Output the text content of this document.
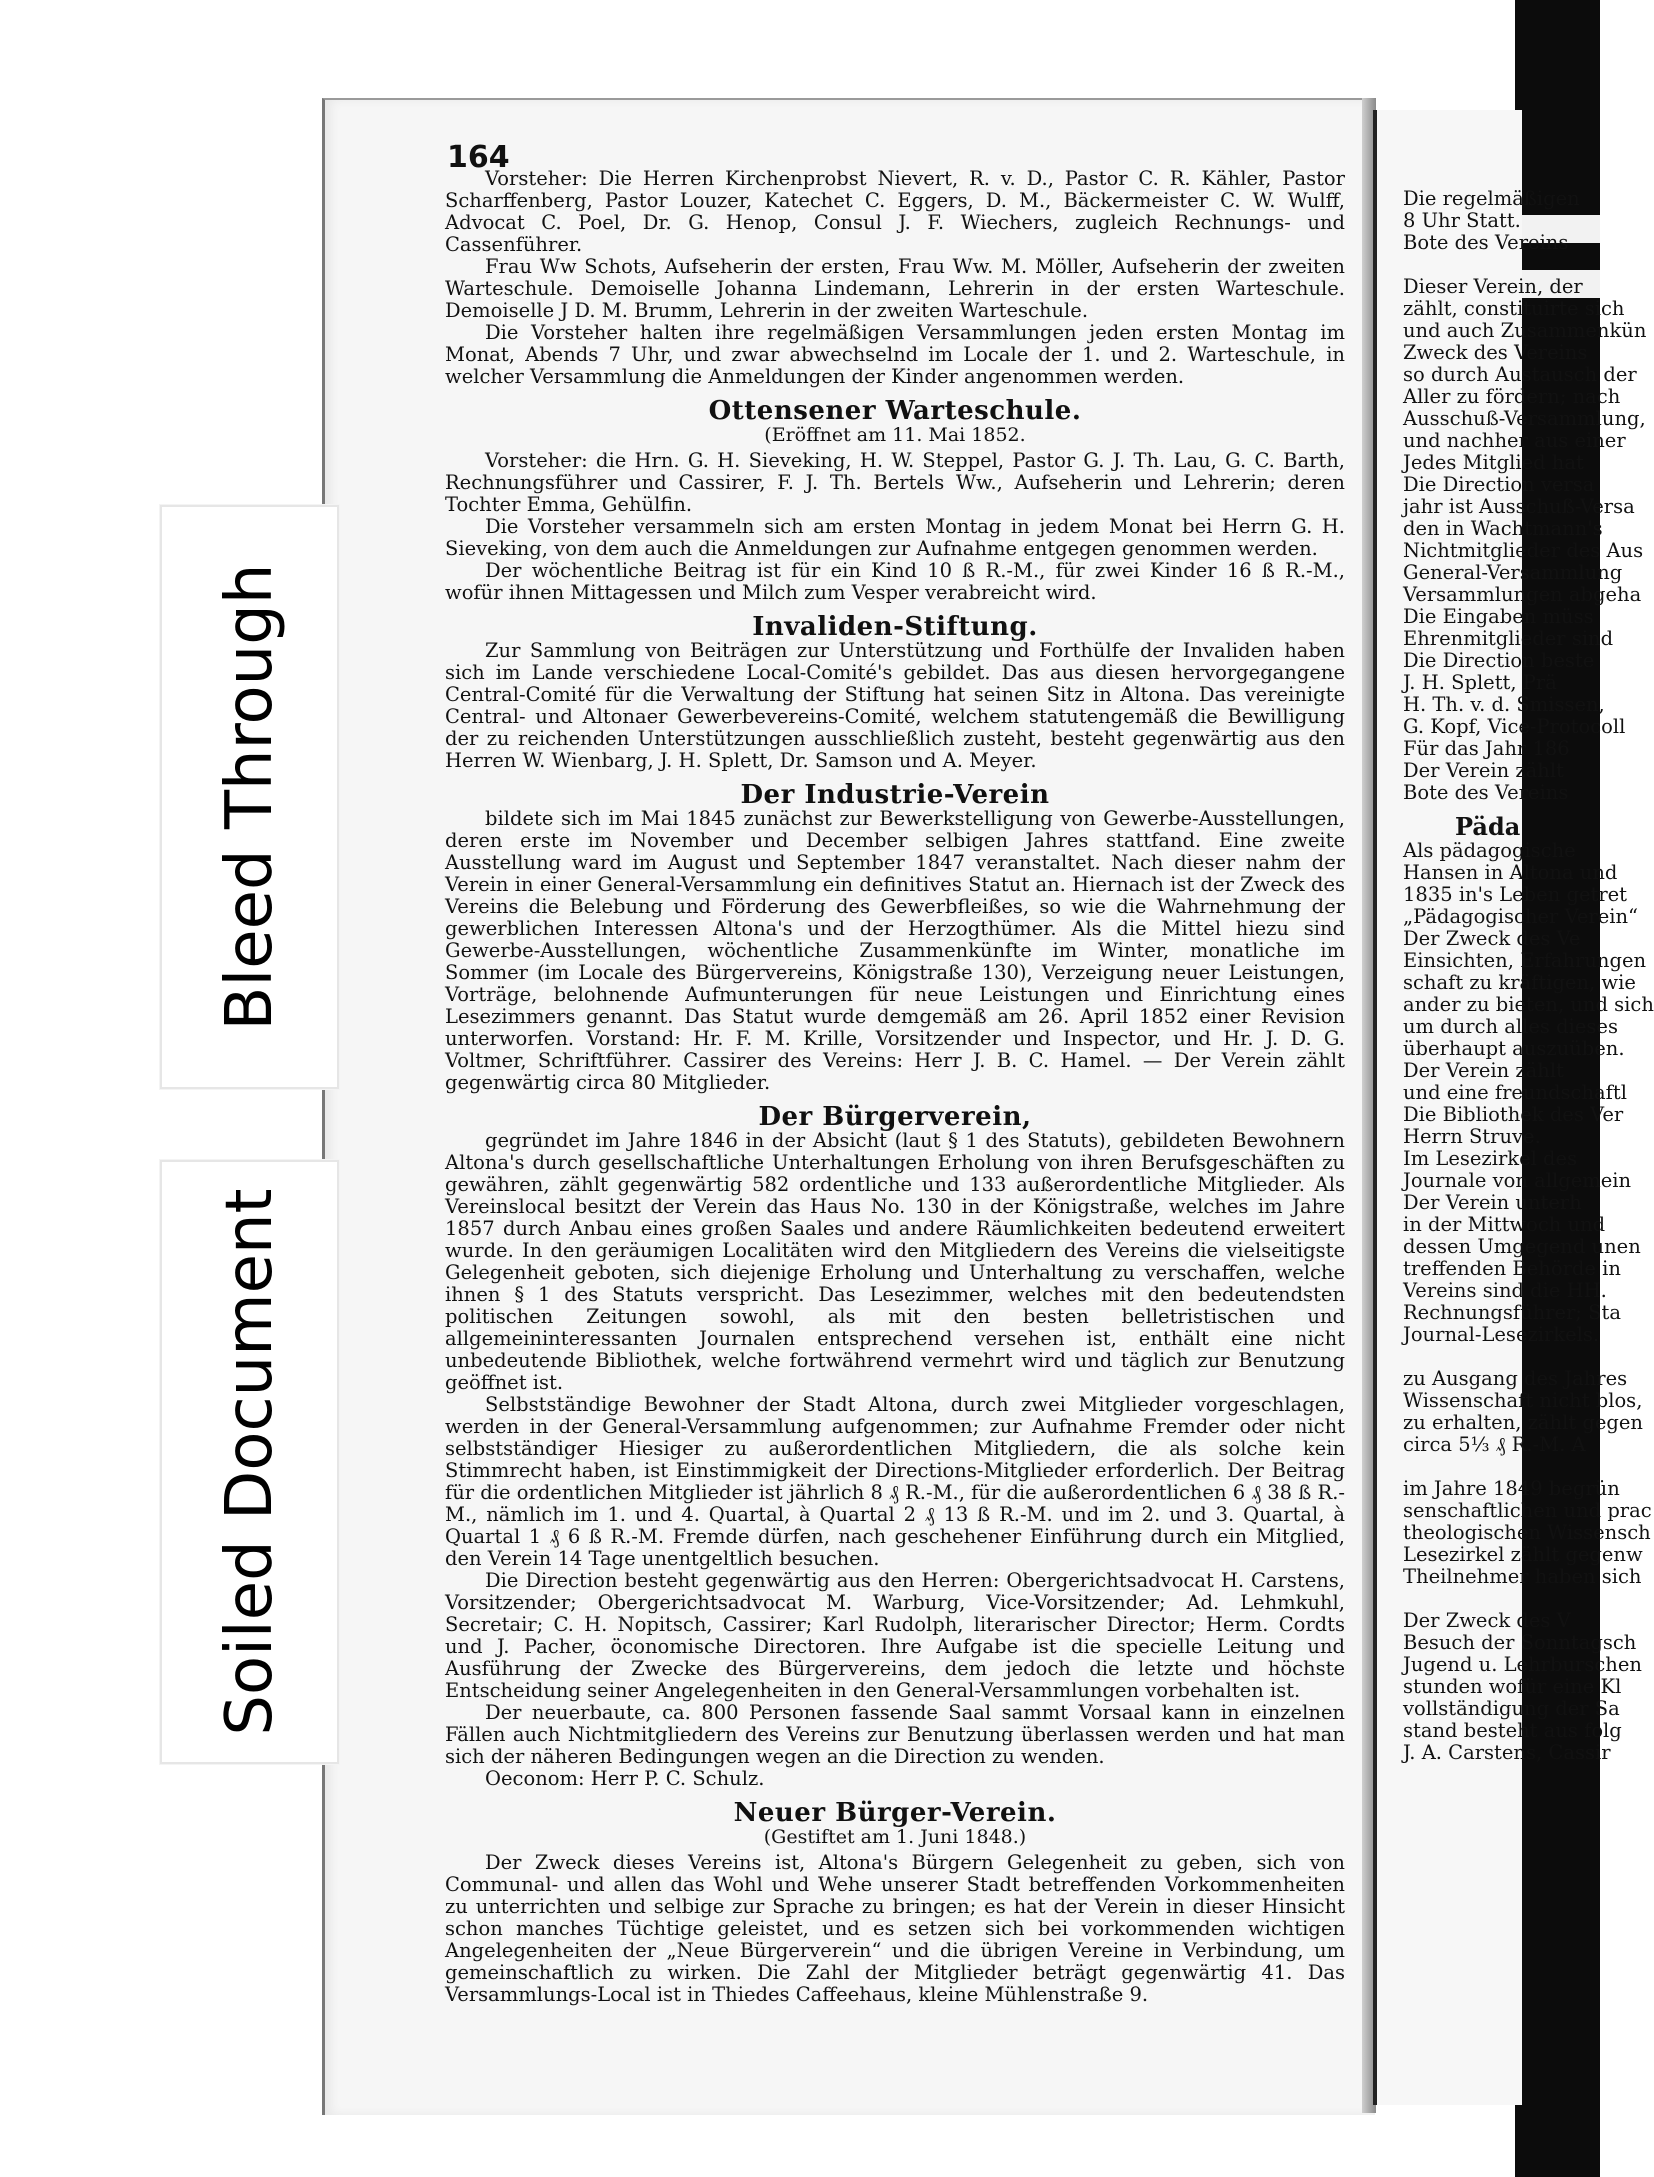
164

Vorsteher: Die Herren Kirchenprobst Nievert, R. v. D., Pastor C. R. Kähler, Pastor Scharffenberg, Pastor Louzer, Katechet C. Eggers, D. M., Bäckermeister C. W. Wulff, Advocat C. Poel, Dr. G. Henop, Consul J. F. Wiechers, zugleich Rechnungs- und Cassenführer.

Frau Ww Schots, Aufseherin der ersten, Frau Ww. M. Möller, Aufseherin der zweiten Warteschule. Demoiselle Johanna Lindemann, Lehrerin in der ersten Warteschule. Demoiselle J D. M. Brumm, Lehrerin in der zweiten Warteschule.

Die Vorsteher halten ihre regelmäßigen Versammlungen jeden ersten Montag im Monat, Abends 7 Uhr, und zwar abwechselnd im Locale der 1. und 2. Warteschule, in welcher Versammlung die Anmeldungen der Kinder angenommen werden.

Ottensener Warteschule.
(Eröffnet am 11. Mai 1852.

Vorsteher: die Hrn. G. H. Sieveking, H. W. Steppel, Pastor G. J. Th. Lau, G. C. Barth, Rechnungsführer und Cassirer, F. J. Th. Bertels Ww., Aufseherin und Lehrerin; deren Tochter Emma, Gehülfin.

Die Vorsteher versammeln sich am ersten Montag in jedem Monat bei Herrn G. H. Sieveking, von dem auch die Anmeldungen zur Aufnahme entgegen genommen werden.

Der wöchentliche Beitrag ist für ein Kind 10 ß R.-M., für zwei Kinder 16 ß R.-M., wofür ihnen Mittagessen und Milch zum Vesper verabreicht wird.

Invaliden-Stiftung.

Zur Sammlung von Beiträgen zur Unterstützung und Forthülfe der Invaliden haben sich im Lande verschiedene Local-Comité's gebildet. Das aus diesen hervorgegangene Central-Comité für die Verwaltung der Stiftung hat seinen Sitz in Altona. Das vereinigte Central- und Altonaer Gewerbevereins-Comité, welchem statutengemäß die Bewilligung der zu reichenden Unterstützungen ausschließlich zusteht, besteht gegenwärtig aus den Herren W. Wienbarg, J. H. Splett, Dr. Samson und A. Meyer.

Der Industrie-Verein

bildete sich im Mai 1845 zunächst zur Bewerkstelligung von Gewerbe-Ausstellungen, deren erste im November und December selbigen Jahres stattfand. Eine zweite Ausstellung ward im August und September 1847 veranstaltet. Nach dieser nahm der Verein in einer General-Versammlung ein definitives Statut an. Hiernach ist der Zweck des Vereins die Belebung und Förderung des Gewerbfleißes, so wie die Wahrnehmung der gewerblichen Interessen Altona's und der Herzogthümer. Als die Mittel hiezu sind Gewerbe-Ausstellungen, wöchentliche Zusammenkünfte im Winter, monatliche im Sommer (im Locale des Bürgervereins, Königstraße 130), Verzeigung neuer Leistungen, Vorträge, belohnende Aufmunterungen für neue Leistungen und Einrichtung eines Lesezimmers genannt. Das Statut wurde demgemäß am 26. April 1852 einer Revision unterworfen. Vorstand: Hr. F. M. Krille, Vorsitzender und Inspector, und Hr. J. D. G. Voltmer, Schriftführer. Cassirer des Vereins: Herr J. B. C. Hamel. — Der Verein zählt gegenwärtig circa 80 Mitglieder.

Der Bürgerverein,

gegründet im Jahre 1846 in der Absicht (laut § 1 des Statuts), gebildeten Bewohnern Altona's durch gesellschaftliche Unterhaltungen Erholung von ihren Berufsgeschäften zu gewähren, zählt gegenwärtig 582 ordentliche und 133 außerordentliche Mitglieder. Als Vereinslocal besitzt der Verein das Haus No. 130 in der Königstraße, welches im Jahre 1857 durch Anbau eines großen Saales und andere Räumlichkeiten bedeutend erweitert wurde. In den geräumigen Localitäten wird den Mitgliedern des Vereins die vielseitigste Gelegenheit geboten, sich diejenige Erholung und Unterhaltung zu verschaffen, welche ihnen § 1 des Statuts verspricht. Das Lesezimmer, welches mit den bedeutendsten politischen Zeitungen sowohl, als mit den besten belletristischen und allgemeininteressanten Journalen entsprechend versehen ist, enthält eine nicht unbedeutende Bibliothek, welche fortwährend vermehrt wird und täglich zur Benutzung geöffnet ist.

Selbstständige Bewohner der Stadt Altona, durch zwei Mitglieder vorgeschlagen, werden in der General-Versammlung aufgenommen; zur Aufnahme Fremder oder nicht selbstständiger Hiesiger zu außerordentlichen Mitgliedern, die als solche kein Stimmrecht haben, ist Einstimmigkeit der Directions-Mitglieder erforderlich. Der Beitrag für die ordentlichen Mitglieder ist jährlich 8 ₰ R.-M., für die außerordentlichen 6 ₰ 38 ß R.-M., nämlich im 1. und 4. Quartal, à Quartal 2 ₰ 13 ß R.-M. und im 2. und 3. Quartal, à Quartal 1 ₰ 6 ß R.-M. Fremde dürfen, nach geschehener Einführung durch ein Mitglied, den Verein 14 Tage unentgeltlich besuchen.

Die Direction besteht gegenwärtig aus den Herren: Obergerichtsadvocat H. Carstens, Vorsitzender; Obergerichtsadvocat M. Warburg, Vice-Vorsitzender; Ad. Lehmkuhl, Secretair; C. H. Nopitsch, Cassirer; Karl Rudolph, literarischer Director; Herm. Cordts und J. Pacher, öconomische Directoren. Ihre Aufgabe ist die specielle Leitung und Ausführung der Zwecke des Bürgervereins, dem jedoch die letzte und höchste Entscheidung seiner Angelegenheiten in den General-Versammlungen vorbehalten ist.

Der neuerbaute, ca. 800 Personen fassende Saal sammt Vorsaal kann in einzelnen Fällen auch Nichtmitgliedern des Vereins zur Benutzung überlassen werden und hat man sich der näheren Bedingungen wegen an die Direction zu wenden.

Oeconom: Herr P. C. Schulz.

Neuer Bürger-Verein.
(Gestiftet am 1. Juni 1848.)

Der Zweck dieses Vereins ist, Altona's Bürgern Gelegenheit zu geben, sich von Communal- und allen das Wohl und Wehe unserer Stadt betreffenden Vorkommenheiten zu unterrichten und selbige zur Sprache zu bringen; es hat der Verein in dieser Hinsicht schon manches Tüchtige geleistet, und es setzen sich bei vorkommenden wichtigen Angelegenheiten der „Neue Bürgerverein“ und die übrigen Vereine in Verbindung, um gemeinschaftlich zu wirken. Die Zahl der Mitglieder beträgt gegenwärtig 41. Das Versammlungs-Local ist in Thiedes Caffeehaus, kleine Mühlenstraße 9.

Die regelmäßigen
8 Uhr Statt.
Bote des Vereins

Dieser Verein, der
zählt, constituirte sich
und auch Zusammenkün
Zweck des Vereins
so durch Austausch der
Aller zu fördern; nach
Ausschuß-Versammlung,
und nachher aus einer
Jedes Mitglied hat
Die Direction versa
jahr ist Ausschuß-Versa
den in Wachtmann's
Nichtmitglieder des Aus
General-Versammlung
Versammlungen abgeha
Die Eingaben müss
Ehrenmitglieder sind
Die Direction beste
J. H. Splett, Prä
H. Th. v. d. Smissen,
G. Kopf, Vice-Protocoll
Für das Jahr 186
Der Verein zählt
Bote des Vereins
Päda
Als pädagogische
Hansen in Altona und
1835 in's Leben getret
„Pädagogischer Verein“
Der Zweck des Ve
Einsichten, Erfahrungen
schaft zu kräftigen, wie
ander zu bieten, und sich
um durch alles dieses
überhaupt auszuüben.
Der Verein zählt
und eine freundschaftl
Die Bibliothek des Ver
Herrn Struve.
Im Lesezirkel des
Journale von allgemein
Der Verein unterh
in der Mittwoch und
dessen Umgegend unen
treffenden Behörde in
Vereins sind die HH.
Rechnungsführer; Sta
Journal-Lesezirkels.

zu Ausgang des Jahres
Wissenschaft nicht blos,
zu erhalten, zählt gegen
circa 5⅓ ₰ R.-M. A

im Jahre 1849 begrün
senschaftlichen und prac
theologischen Wissensch
Lesezirkel zählt gegenw
Theilnehmer haben sich

Der Zweck des V
Besuch der Sonntagsch
Jugend u. Lehrburschen
stunden wofür eine Kl
vollständigung der Sa
stand besteht aus folg
J. A. Carstens, Cassir
Bleed Through
Soiled Document
